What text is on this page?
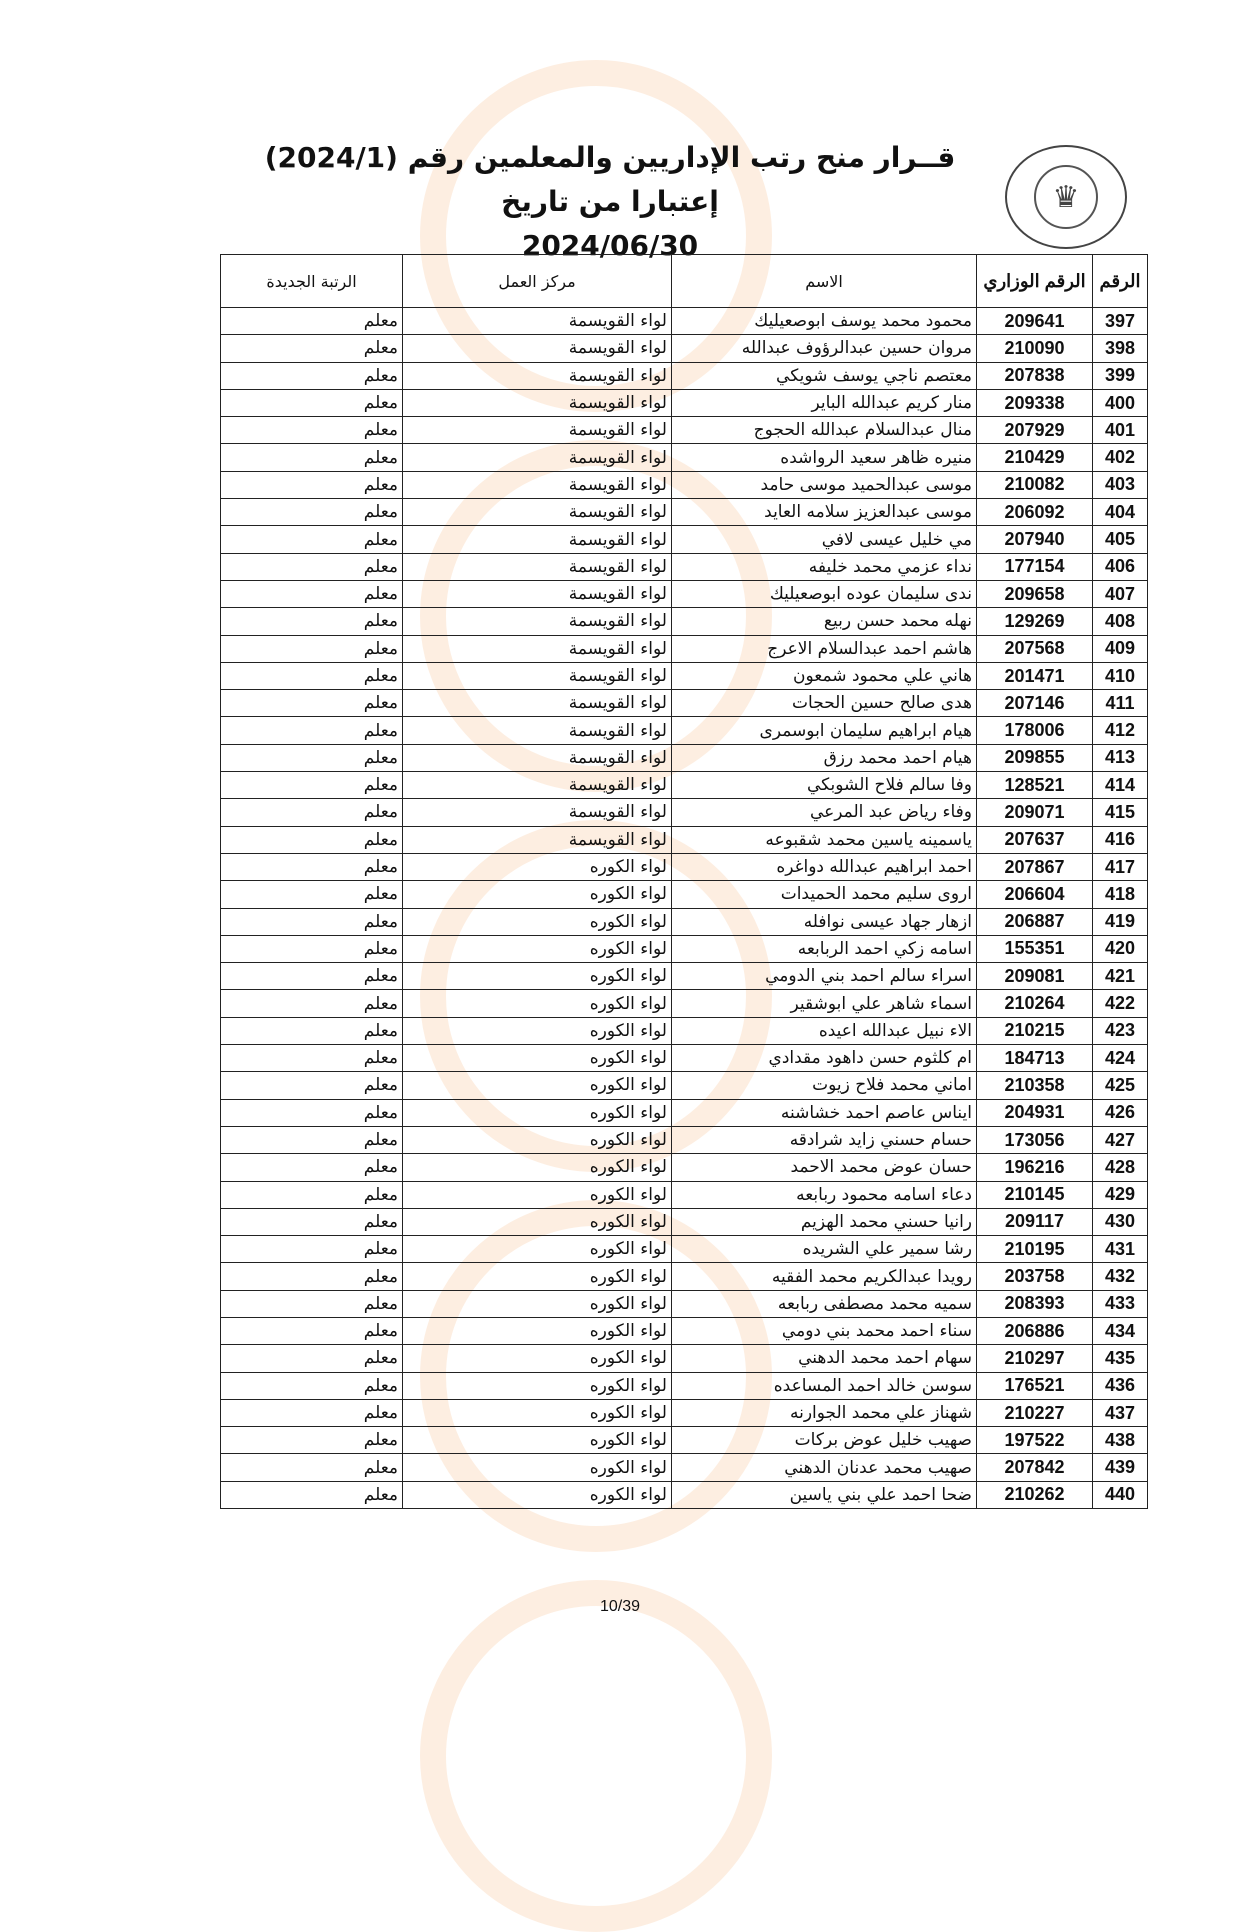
♛
قــرار منح رتب الإداريين والمعلمين رقم (2024/1) إعتبارا من تاريخ
2024/06/30
الرقم	الرقم الوزاري	الاسم	مركز العمل	الرتبة الجديدة
397	209641	محمود محمد يوسف ابوصعيليك	لواء القويسمة	معلم
398	210090	مروان حسين عبدالرؤوف عبدالله	لواء القويسمة	معلم
399	207838	معتصم ناجي يوسف شويكي	لواء القويسمة	معلم
400	209338	منار كريم عبدالله الباير	لواء القويسمة	معلم
401	207929	منال عبدالسلام عبدالله الحجوج	لواء القويسمة	معلم
402	210429	منيره ظاهر سعيد الرواشده	لواء القويسمة	معلم
403	210082	موسى عبدالحميد موسى حامد	لواء القويسمة	معلم
404	206092	موسى عبدالعزيز سلامه العايد	لواء القويسمة	معلم
405	207940	مي خليل عيسى لافي	لواء القويسمة	معلم
406	177154	نداء عزمي محمد خليفه	لواء القويسمة	معلم
407	209658	ندى سليمان عوده ابوصعيليك	لواء القويسمة	معلم
408	129269	نهله محمد حسن ربيع	لواء القويسمة	معلم
409	207568	هاشم احمد عبدالسلام الاعرج	لواء القويسمة	معلم
410	201471	هاني علي محمود شمعون	لواء القويسمة	معلم
411	207146	هدى صالح حسين الحجات	لواء القويسمة	معلم
412	178006	هيام ابراهيم سليمان ابوسمرى	لواء القويسمة	معلم
413	209855	هيام احمد محمد رزق	لواء القويسمة	معلم
414	128521	وفا سالم فلاح الشوبكي	لواء القويسمة	معلم
415	209071	وفاء رياض عبد المرعي	لواء القويسمة	معلم
416	207637	ياسمينه ياسين محمد شقبوعه	لواء القويسمة	معلم
417	207867	احمد ابراهيم عبدالله دواغره	لواء الكوره	معلم
418	206604	اروى سليم محمد الحميدات	لواء الكوره	معلم
419	206887	ازهار جهاد عيسى نوافله	لواء الكوره	معلم
420	155351	اسامه زكي احمد الربابعه	لواء الكوره	معلم
421	209081	اسراء سالم احمد بني الدومي	لواء الكوره	معلم
422	210264	اسماء شاهر علي ابوشقير	لواء الكوره	معلم
423	210215	الاء نبيل عبدالله اعيده	لواء الكوره	معلم
424	184713	ام كلثوم حسن داهود مقدادي	لواء الكوره	معلم
425	210358	اماني محمد فلاح زيوت	لواء الكوره	معلم
426	204931	ايناس عاصم احمد خشاشنه	لواء الكوره	معلم
427	173056	حسام حسني زايد شرادقه	لواء الكوره	معلم
428	196216	حسان عوض محمد الاحمد	لواء الكوره	معلم
429	210145	دعاء اسامه محمود ربابعه	لواء الكوره	معلم
430	209117	رانيا حسني محمد الهزيم	لواء الكوره	معلم
431	210195	رشا سمير علي الشريده	لواء الكوره	معلم
432	203758	رويدا عبدالكريم محمد الفقيه	لواء الكوره	معلم
433	208393	سميه محمد مصطفى ربابعه	لواء الكوره	معلم
434	206886	سناء احمد محمد بني دومي	لواء الكوره	معلم
435	210297	سهام احمد محمد الدهني	لواء الكوره	معلم
436	176521	سوسن خالد احمد المساعده	لواء الكوره	معلم
437	210227	شهناز علي محمد الجوارنه	لواء الكوره	معلم
438	197522	صهيب خليل عوض بركات	لواء الكوره	معلم
439	207842	صهيب محمد عدنان الدهني	لواء الكوره	معلم
440	210262	ضحا احمد علي بني ياسين	لواء الكوره	معلم
10/39
